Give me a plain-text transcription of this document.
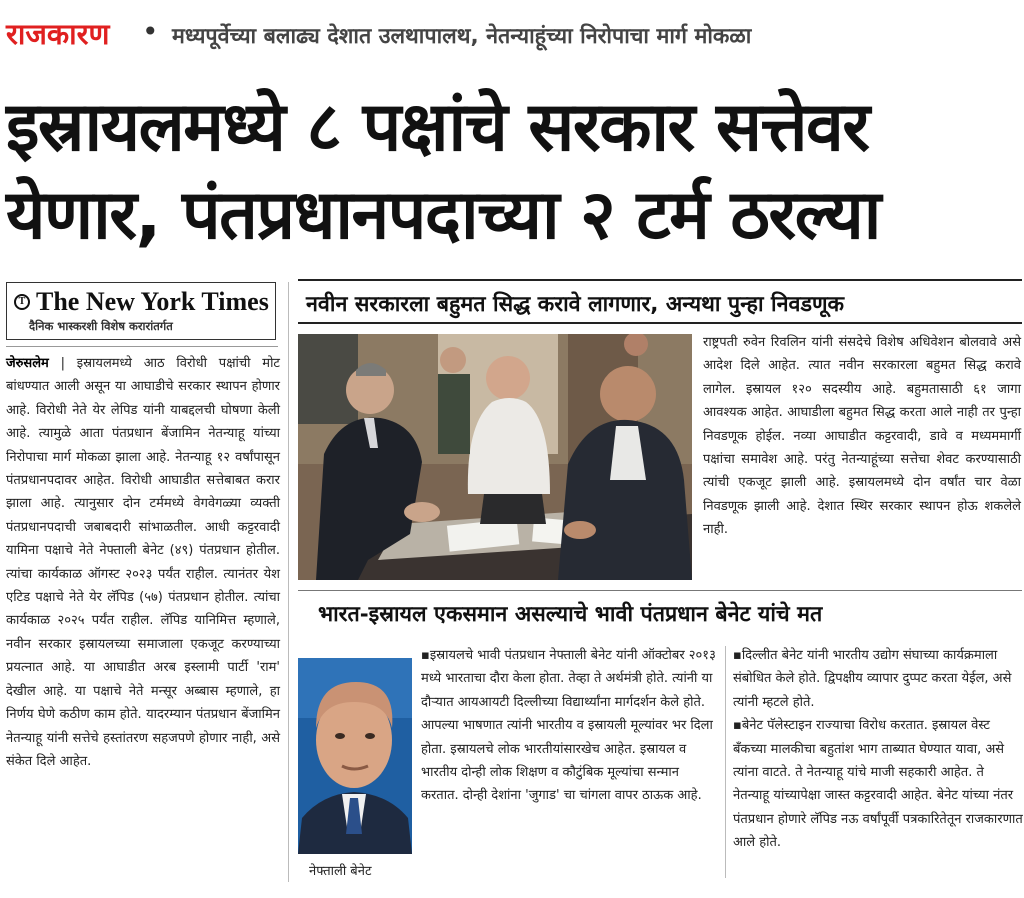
राजकारण • मध्यपूर्वेच्या बलाढ्य देशात उलथापालथ, नेतन्याहूंच्या निरोपाचा मार्ग मोकळा
इस्रायलमध्ये ८ पक्षांचे सरकार सत्तेवर
येणार, पंतप्रधानपदाच्या २ टर्म ठरल्या
T The New York Times
दैनिक भास्करशी विशेष करारांतर्गत
नवीन सरकारला बहुमत सिद्ध करावे लागणार, अन्यथा पुन्हा निवडणूक
जेरुसलेम | इस्रायलमध्ये आठ विरोधी पक्षांची मोट बांधण्यात आली असून या आघाडीचे सरकार स्थापन होणार आहे. विरोधी नेते येर लेपिड यांनी याबद्दलची घोषणा केली आहे. त्यामुळे आता पंतप्रधान बेंजामिन नेतन्याहू यांच्या निरोपाचा मार्ग मोकळा झाला आहे. नेतन्याहू १२ वर्षांपासून पंतप्रधानपदावर आहेत. विरोधी आघाडीत सत्तेबाबत करार झाला आहे. त्यानुसार दोन टर्ममध्ये वेगवेगळ्या व्यक्ती पंतप्रधानपदाची जबाबदारी सांभाळतील. आधी कट्टरवादी यामिना पक्षाचे नेते नेफ्ताली बेनेट (४९) पंतप्रधान होतील. त्यांचा कार्यकाळ ऑगस्ट २०२३ पर्यंत राहील. त्यानंतर येश एटिड पक्षाचे नेते येर लॅपिड (५७) पंतप्रधान होतील. त्यांचा कार्यकाळ २०२५ पर्यंत राहील. लॅपिड यानिमित्त म्हणाले, नवीन सरकार इस्रायलच्या समाजाला एकजूट करण्याच्या प्रयत्नात आहे. या आघाडीत अरब इस्लामी पार्टी 'राम' देखील आहे. या पक्षाचे नेते मन्सूर अब्बास म्हणाले, हा निर्णय घेणे कठीण काम होते. यादरम्यान पंतप्रधान बेंजामिन नेतन्याहू यांनी सत्तेचे हस्तांतरण सहजपणे होणार नाही, असे संकेत दिले आहेत.
राष्ट्रपती रुवेन रिवलिन यांनी संसदेचे विशेष अधिवेशन बोलवावे असे आदेश दिले आहेत. त्यात नवीन सरकारला बहुमत सिद्ध करावे लागेल. इस्रायल १२० सदस्यीय आहे. बहुमतासाठी ६१ जागा आवश्यक आहेत. आघाडीला बहुमत सिद्ध करता आले नाही तर पुन्हा निवडणूक होईल. नव्या आघाडीत कट्टरवादी, डावे व मध्यममार्गी पक्षांचा समावेश आहे. परंतु नेतन्याहूंच्या सत्तेचा शेवट करण्यासाठी त्यांची एकजूट झाली आहे. इस्रायलमध्ये दोन वर्षांत चार वेळा निवडणूक झाली आहे. देशात स्थिर सरकार स्थापन होऊ शकलेले नाही.
भारत-इस्रायल एकसमान असल्याचे भावी पंतप्रधान बेनेट यांचे मत
नेफ्ताली बेनेट
▪इस्रायलचे भावी पंतप्रधान नेफ्ताली बेनेट यांनी ऑक्टोबर २०१३ मध्ये भारताचा दौरा केला होता. तेव्हा ते अर्थमंत्री होते. त्यांनी या दौऱ्यात आयआयटी दिल्लीच्या विद्यार्थ्यांना मार्गदर्शन केले होते. आपल्या भाषणात त्यांनी भारतीय व इस्रायली मूल्यांवर भर दिला होता. इस्रायलचे लोक भारतीयांसारखेच आहेत. इस्रायल व भारतीय दोन्ही लोक शिक्षण व कौटुंबिक मूल्यांचा सन्मान करतात. दोन्ही देशांना 'जुगाड' चा चांगला वापर ठाऊक आहे.
▪दिल्लीत बेनेट यांनी भारतीय उद्योग संघाच्या कार्यक्रमाला संबोधित केले होते. द्विपक्षीय व्यापार दुप्पट करता येईल, असे त्यांनी म्हटले होते.
▪बेनेट पॅलेस्टाइन राज्याचा विरोध करतात. इस्रायल वेस्ट बँकच्या मालकीचा बहुतांश भाग ताब्यात घेण्यात यावा, असे त्यांना वाटते. ते नेतन्याहू यांचे माजी सहकारी आहेत. ते नेतन्याहू यांच्यापेक्षा जास्त कट्टरवादी आहेत. बेनेट यांच्या नंतर पंतप्रधान होणारे लॅपिड नऊ वर्षांपूर्वी पत्रकारितेतून राजकारणात आले होते.
